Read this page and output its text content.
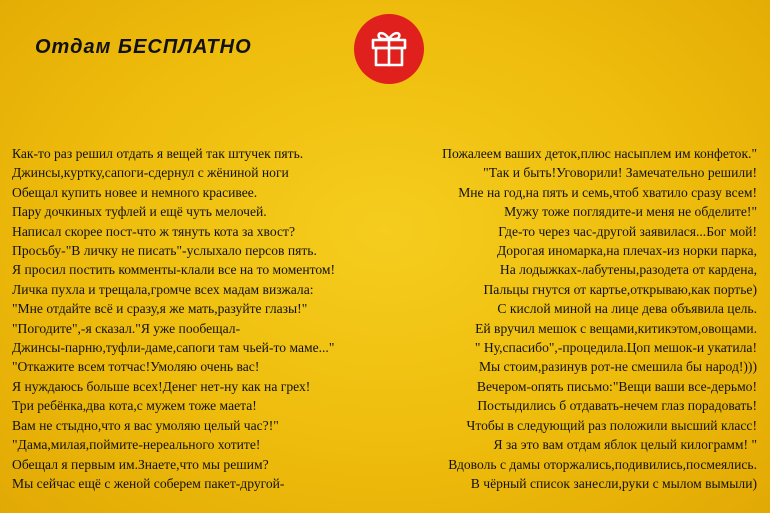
Отдам БЕСПЛАТНО
Как-то раз решил отдать я вещей так штучек пять.
Джинсы,куртку,сапоги-сдернул с жёниной ноги
Обещал купить новее и немного красивее.
Пару дочкиных туфлей и ещё чуть мелочей.
Написал скорее пост-что ж тянуть кота за хвост?
Просьбу-"В личку не писать"-услыхало персов пять.
Я просил постить комменты-клали все на то моментом!
Личка пухла и трещала,громче всех мадам визжала:
"Мне отдайте всё и сразу,я же мать,разуйте глазы!"
"Погодите",-я сказал."Я уже пообещал-
Джинсы-парню,туфли-даме,сапоги там чьей-то маме..."
"Откажите всем тотчас!Умоляю очень вас!
Я нуждаюсь больше всех!Денег нет-ну как на грех!
Три ребёнка,два кота,с мужем тоже маета!
Вам не стыдно,что я вас умоляю целый час?!"
"Дама,милая,поймите-нереального хотите!
Обещал я первым им.Знаете,что мы решим?
Мы сейчас ещё с женой соберем пакет-другой-
Пожалеем ваших деток,плюс насыплем им конфеток."
"Так и быть!Уговорили! Замечательно решили!
Мне на год,на пять и семь,чтоб хватило сразу всем!
Мужу тоже поглядите-и меня не обделите!"
Где-то через час-другой заявилася...Бог мой!
Дорогая иномарка,на плечах-из норки парка,
На лодыжках-лабутены,разодета от кардена,
Пальцы гнутся от картье,открываю,как портье)
С кислой миной на лице дева объявила цель.
Ей вручил мешок с вещами,китикэтом,овощами.
" Ну,спасибо",-процедила.Цоп мешок-и укатила!
Мы стоим,разинув рот-не смешила бы народ!)))
Вечером-опять письмо:"Вещи ваши все-дерьмо!
Постыдились б отдавать-нечем глаз порадовать!
Чтобы в следующий раз положили высший класс!
Я за это вам отдам яблок целый килограмм! "
Вдоволь с дамы оторжались,подивились,посмеялись.
В чёрный список занесли,руки с мылом вымыли)
